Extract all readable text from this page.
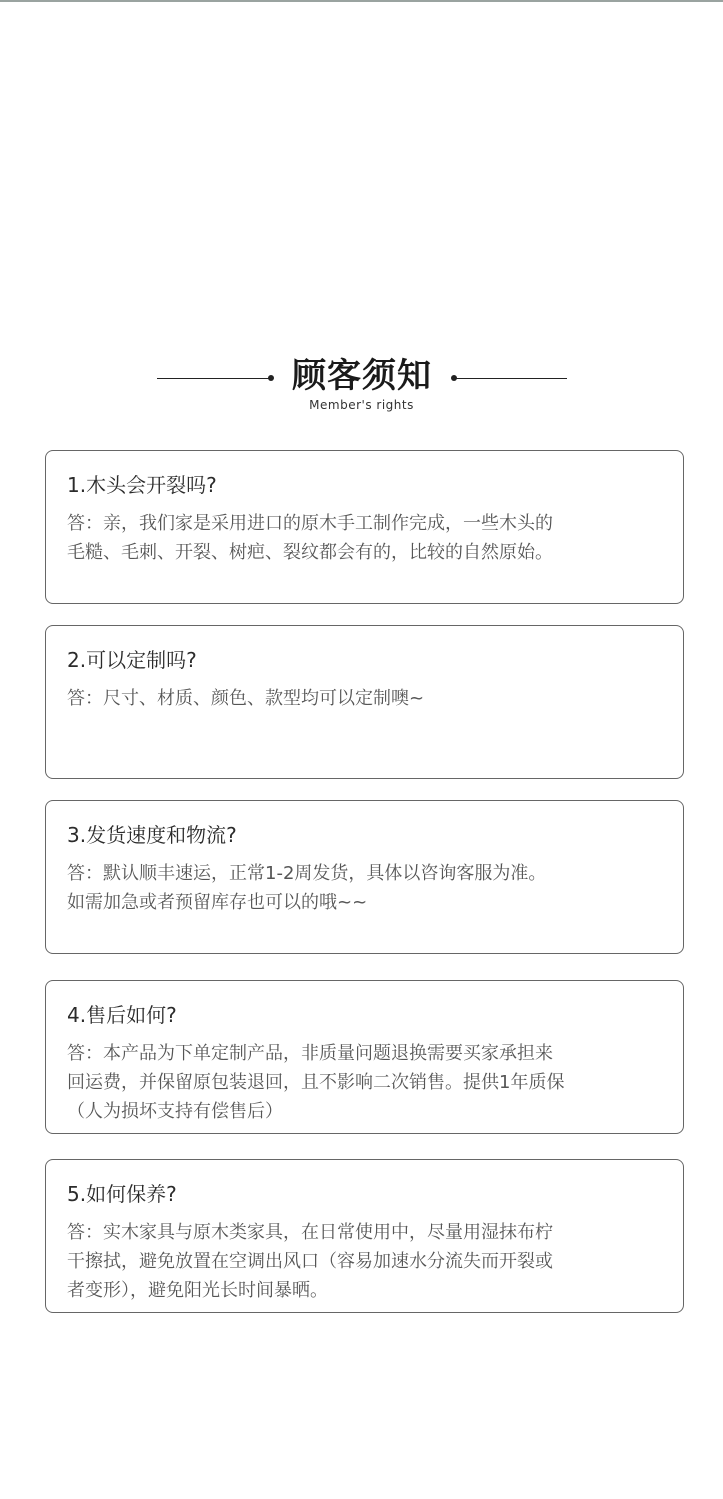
顾客须知
Member's rights
1.木头会开裂吗?
答：亲，我们家是采用进口的原木手工制作完成，一些木头的
毛糙、毛刺、开裂、树疤、裂纹都会有的，比较的自然原始。
2.可以定制吗?
答：尺寸、材质、颜色、款型均可以定制噢~
3.发货速度和物流?
答：默认顺丰速运，正常1-2周发货，具体以咨询客服为准。
如需加急或者预留库存也可以的哦~~
4.售后如何?
答：本产品为下单定制产品，非质量问题退换需要买家承担来
回运费，并保留原包装退回，且不影响二次销售。提供1年质保
（人为损坏支持有偿售后）
5.如何保养?
答：实木家具与原木类家具，在日常使用中，尽量用湿抹布柠
干擦拭，避免放置在空调出风口（容易加速水分流失而开裂或
者变形），避免阳光长时间暴晒。
